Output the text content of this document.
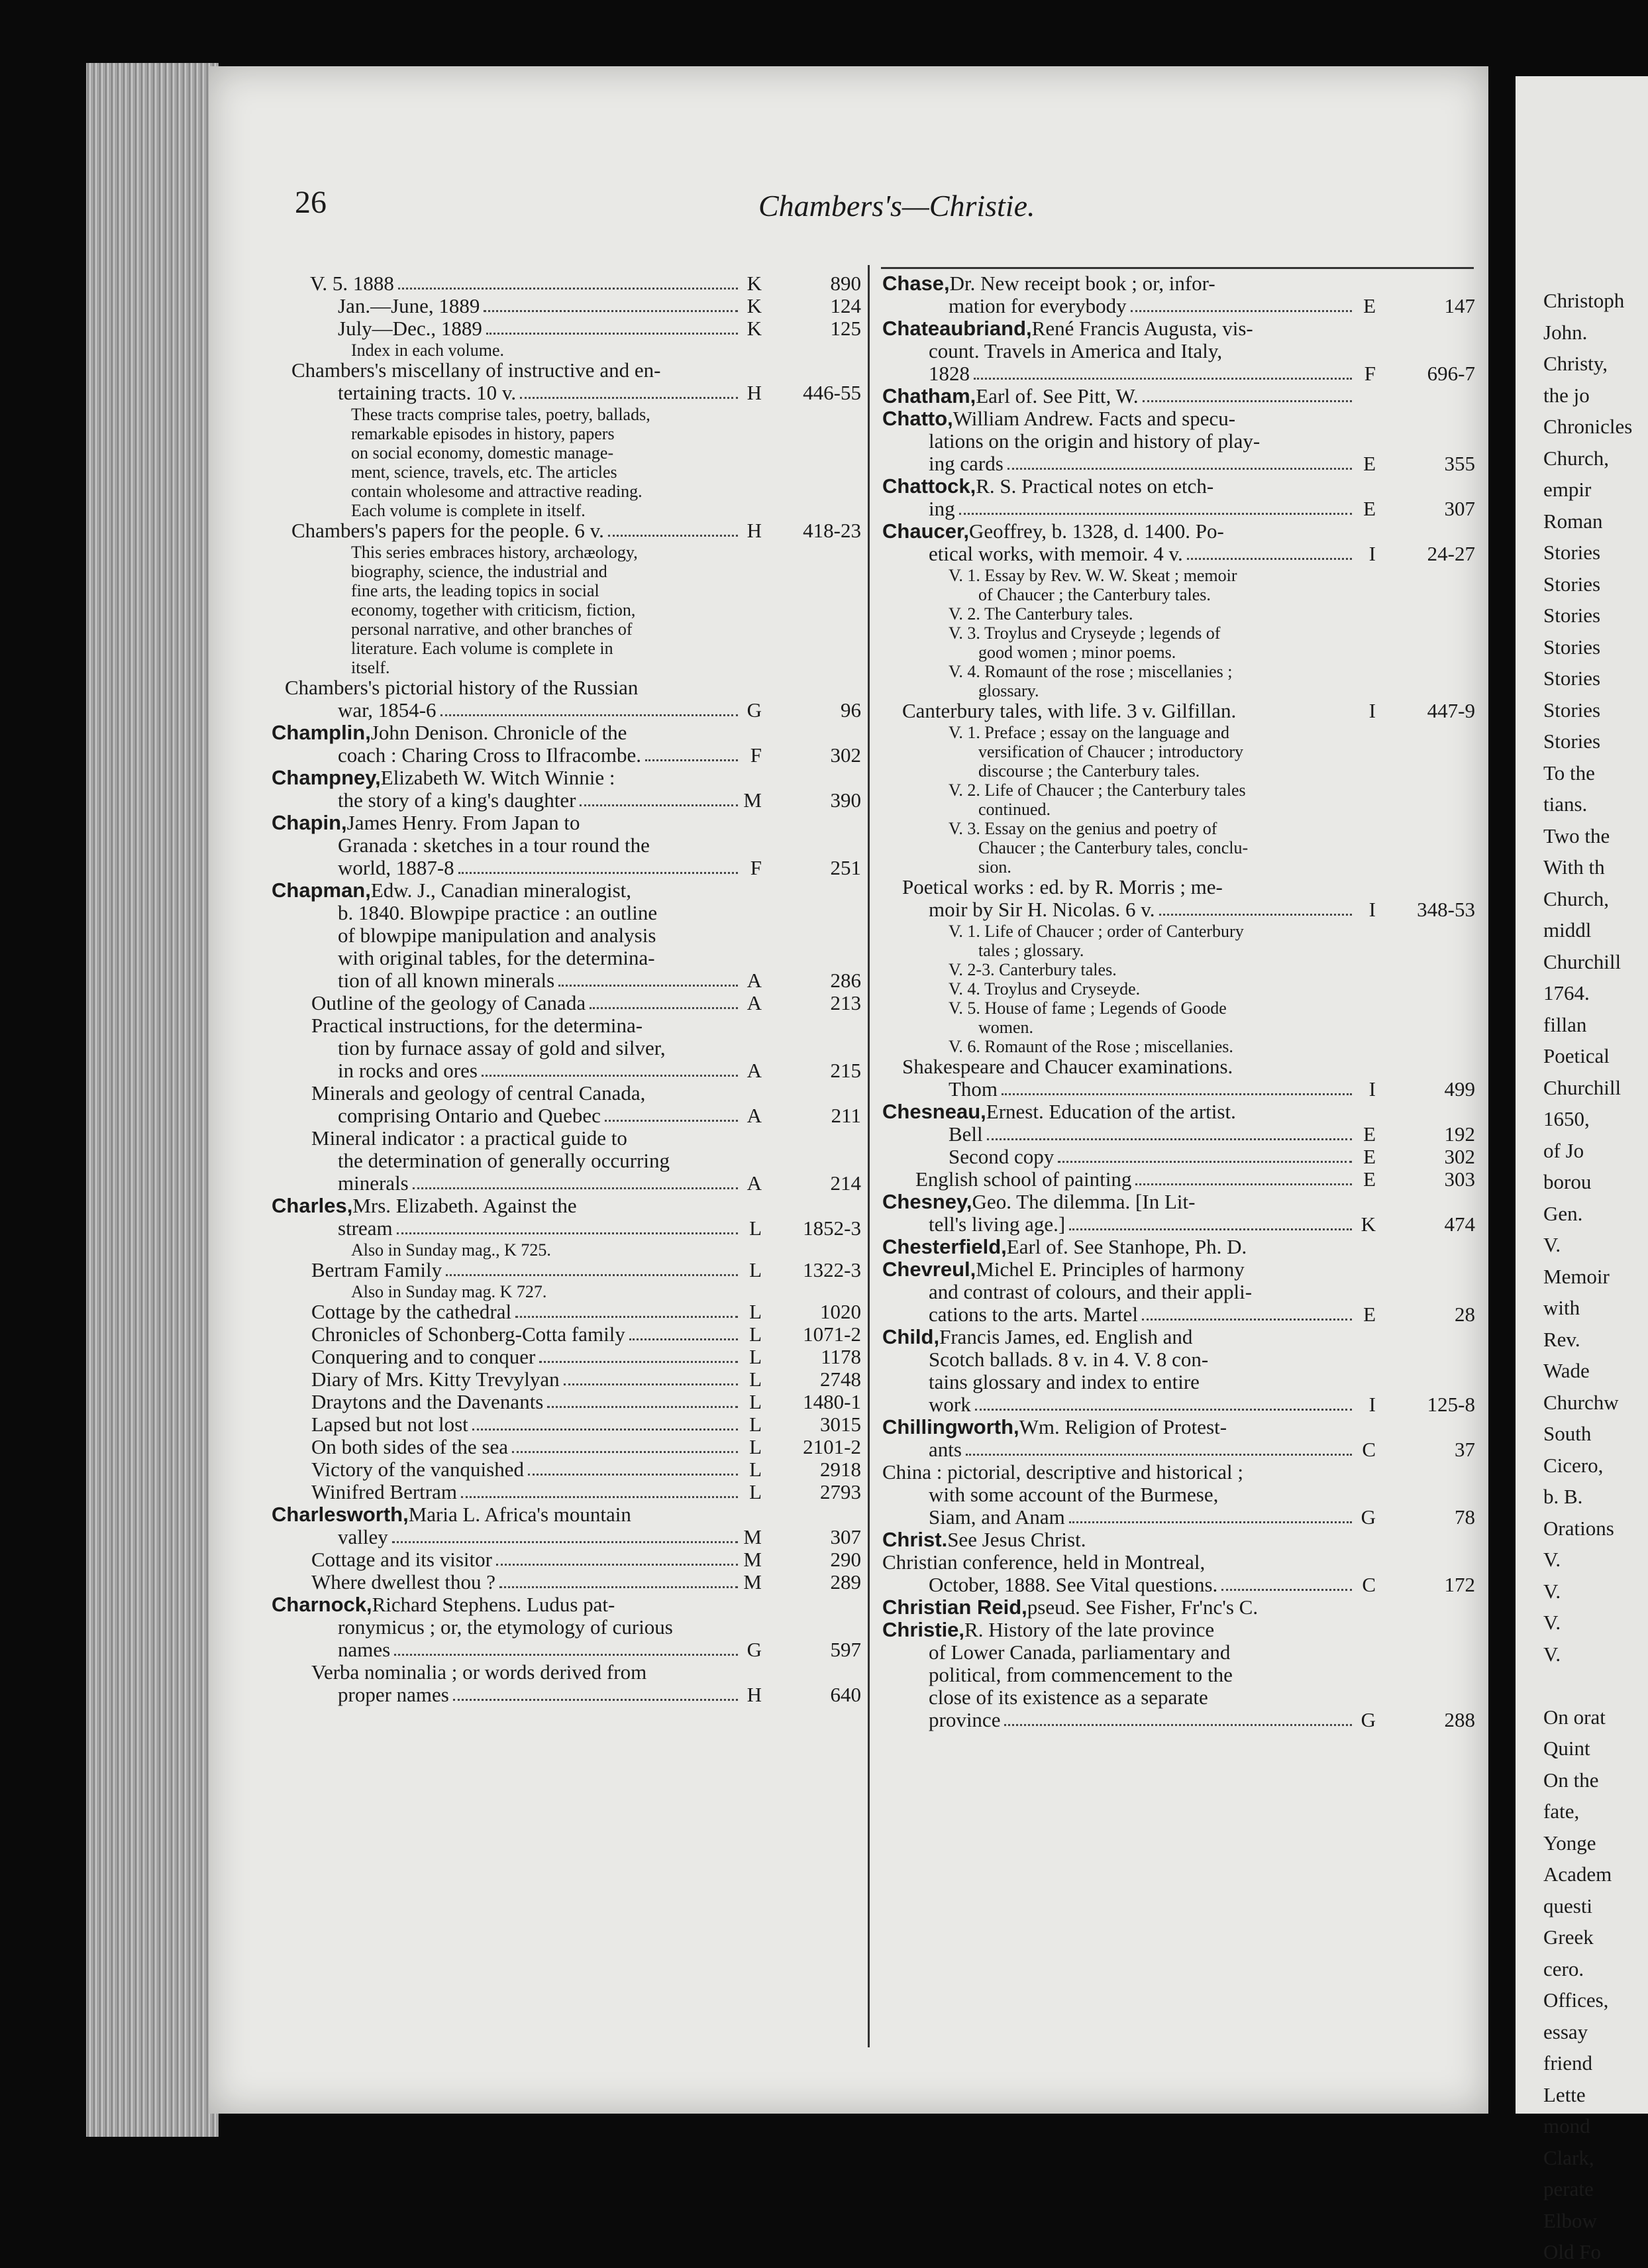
26	Chambers's—Christie.
V. 5. 1888	K	890
Jan.—June, 1889	K	124
July—Dec., 1889	K	125
Index in each volume.
Chambers's miscellany of instructive and en-
tertaining tracts. 10 v.	H	446-55
These tracts comprise tales, poetry, ballads,
remarkable episodes in history, papers
on social economy, domestic manage-
ment, science, travels, etc. The articles
contain wholesome and attractive reading.
Each volume is complete in itself.
Chambers's papers for the people. 6 v.	H	418-23
This series embraces history, archæology,
biography, science, the industrial and
fine arts, the leading topics in social
economy, together with criticism, fiction,
personal narrative, and other branches of
literature. Each volume is complete in
itself.
Chambers's pictorial history of the Russian
war, 1854-6	G	96
Champlin, John Denison. Chronicle of the
coach : Charing Cross to Ilfracombe.	F	302
Champney, Elizabeth W. Witch Winnie :
the story of a king's daughter	M	390
Chapin, James Henry. From Japan to
Granada : sketches in a tour round the
world, 1887-8	F	251
Chapman, Edw. J., Canadian mineralogist,
b. 1840. Blowpipe practice : an outline
of blowpipe manipulation and analysis
with original tables, for the determina-
tion of all known minerals	A	286
Outline of the geology of Canada	A	213
Practical instructions, for the determina-
tion by furnace assay of gold and silver,
in rocks and ores	A	215
Minerals and geology of central Canada,
comprising Ontario and Quebec	A	211
Mineral indicator : a practical guide to
the determination of generally occurring
minerals	A	214
Charles, Mrs. Elizabeth. Against the
stream	L	1852-3
Also in Sunday mag., K 725.
Bertram Family	L	1322-3
Also in Sunday mag. K 727.
Cottage by the cathedral	L	1020
Chronicles of Schonberg-Cotta family	L	1071-2
Conquering and to conquer	L	1178
Diary of Mrs. Kitty Trevylyan	L	2748
Draytons and the Davenants	L	1480-1
Lapsed but not lost	L	3015
On both sides of the sea	L	2101-2
Victory of the vanquished	L	2918
Winifred Bertram	L	2793
Charlesworth, Maria L. Africa's mountain
valley	M	307
Cottage and its visitor	M	290
Where dwellest thou ?	M	289
Charnock, Richard Stephens. Ludus pat-
ronymicus ; or, the etymology of curious
names	G	597
Verba nominalia ; or words derived from
proper names	H	640
Chase, Dr. New receipt book ; or, infor-
mation for everybody	E	147
Chateaubriand, René Francis Augusta, vis-
count. Travels in America and Italy,
1828	F	696-7
Chatham, Earl of. See Pitt, W.
Chatto, William Andrew. Facts and specu-
lations on the origin and history of play-
ing cards	E	355
Chattock, R. S. Practical notes on etch-
ing	E	307
Chaucer, Geoffrey, b. 1328, d. 1400. Po-
etical works, with memoir. 4 v.	I	24-27
V. 1. Essay by Rev. W. W. Skeat ; memoir
of Chaucer ; the Canterbury tales.
V. 2. The Canterbury tales.
V. 3. Troylus and Cryseyde ; legends of
good women ; minor poems.
V. 4. Romaunt of the rose ; miscellanies ;
glossary.
Canterbury tales, with life. 3 v. Gilfillan.	I	447-9
V. 1. Preface ; essay on the language and
versification of Chaucer ; introductory
discourse ; the Canterbury tales.
V. 2. Life of Chaucer ; the Canterbury tales
continued.
V. 3. Essay on the genius and poetry of
Chaucer ; the Canterbury tales, conclu-
sion.
Poetical works : ed. by R. Morris ; me-
moir by Sir H. Nicolas. 6 v.	I	348-53
V. 1. Life of Chaucer ; order of Canterbury
tales ; glossary.
V. 2-3. Canterbury tales.
V. 4. Troylus and Cryseyde.
V. 5. House of fame ; Legends of Goode
women.
V. 6. Romaunt of the Rose ; miscellanies.
Shakespeare and Chaucer examinations.
Thom	I	499
Chesneau, Ernest. Education of the artist.
Bell	E	192
Second copy	E	302
English school of painting	E	303
Chesney, Geo. The dilemma. [In Lit-
tell's living age.]	K	474
Chesterfield, Earl of. See Stanhope, Ph. D.
Chevreul, Michel E. Principles of harmony
and contrast of colours, and their appli-
cations to the arts. Martel	E	28
Child, Francis James, ed. English and
Scotch ballads. 8 v. in 4. V. 8 con-
tains glossary and index to entire
work	I	125-8
Chillingworth, Wm. Religion of Protest-
ants	C	37
China : pictorial, descriptive and historical ;
with some account of the Burmese,
Siam, and Anam	G	78
Christ. See Jesus Christ.
Christian conference, held in Montreal,
October, 1888. See Vital questions.	C	172
Christian Reid, pseud. See Fisher, Fr'nc's C.
Christie, R. History of the late province
of Lower Canada, parliamentary and
political, from commencement to the
close of its existence as a separate
province	G	288
Christoph
John.
Christy,
the jo
Chronicles
Church,
empir
Roman
Stories
Stories
Stories
Stories
Stories
Stories
Stories
To the
tians.
Two the
With th
Church,
middl
Churchill
1764.
fillan
Poetical
Churchill
1650,
of Jo
borou
Gen.
V.
Memoir
with
Rev.
Wade
Churchw
South
Cicero,
b. B.
Orations
V.
V.
V.
V.
On orat
Quint
On the
fate,
Yonge
Academ
questi
Greek
cero.
Offices,
essay
friend
Lette
mond
Clark,
perate
Elbow
Old Fo
